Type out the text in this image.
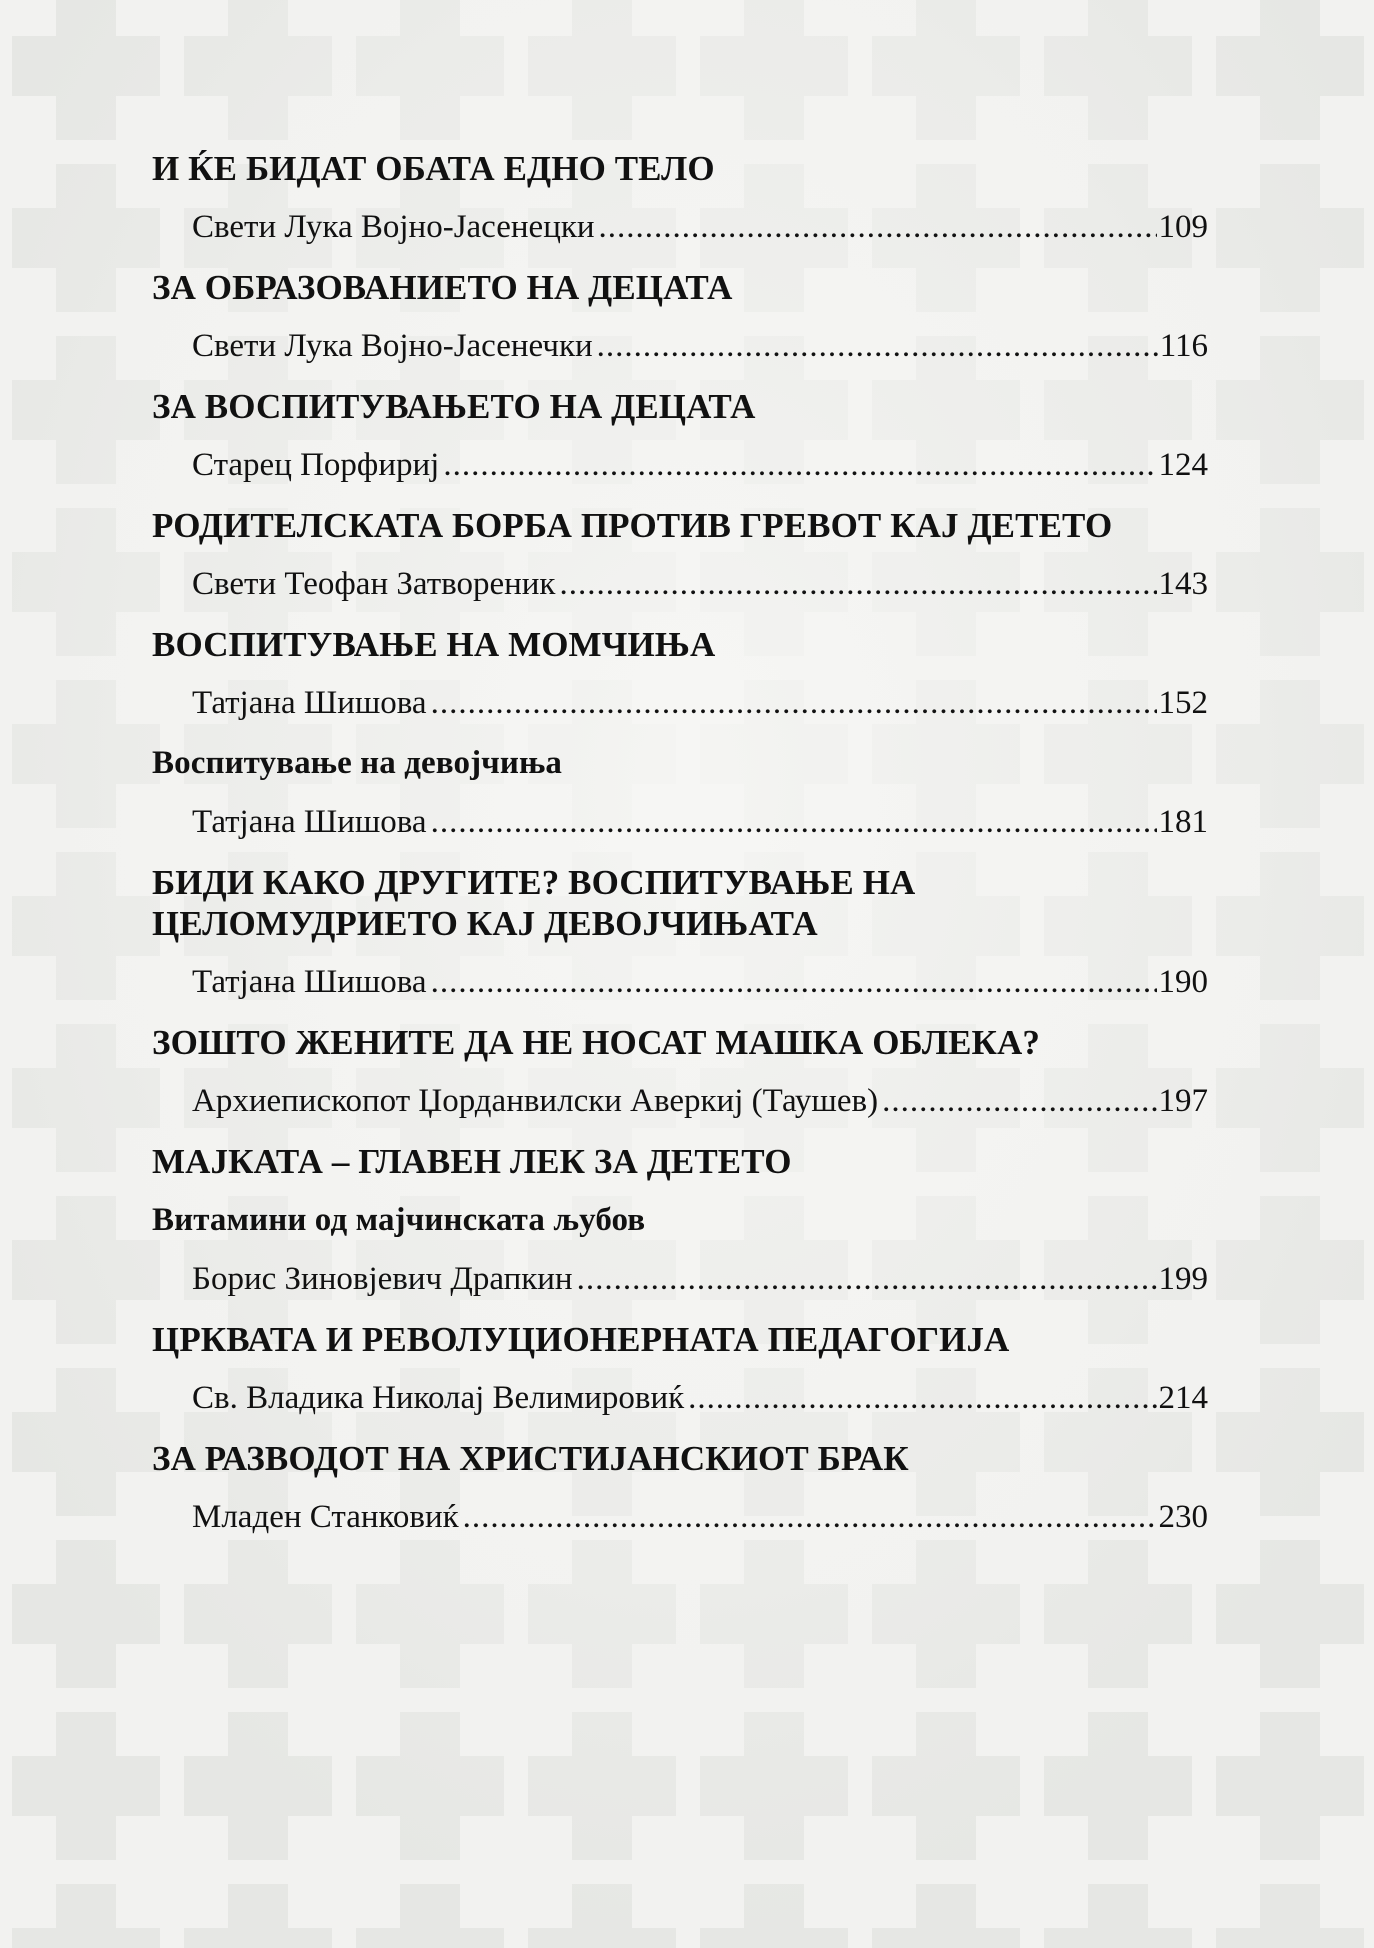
И ЌЕ БИДАТ ОБАТА ЕДНО ТЕЛО
Свети Лука Војно-Јасенецки .....	109
ЗА ОБРАЗОВАНИЕТО НА ДЕЦАТА
Свети Лука Војно-Јасенечки .....	116
ЗА ВОСПИТУВАЊЕТО НА ДЕЦАТА
Старец Порфириј .....	124
РОДИТЕЛСКАТА БОРБА ПРОТИВ ГРЕВОТ КАЈ ДЕТЕТО
Свети Теофан Затвореник .....	143
ВОСПИТУВАЊЕ НА МОМЧИЊА
Татјана Шишова .....	152
Воспитување на девојчиња
Татјана Шишова .....	181
БИДИ КАКО ДРУГИТЕ? ВОСПИТУВАЊЕ НА
ЦЕЛОМУДРИЕТО КАЈ ДЕВОЈЧИЊАТА
Татјана Шишова .....	190
ЗОШТО ЖЕНИТЕ ДА НЕ НОСАТ МАШКА ОБЛЕКА?
Архиепископот Џорданвилски Аверкиј (Таушев) .....	197
МАЈКАТА – ГЛАВЕН ЛЕК ЗА ДЕТЕТО
Витамини од мајчинската љубов
Борис Зиновјевич Драпкин .....	199
ЦРКВАТА И РЕВОЛУЦИОНЕРНАТА ПЕДАГОГИЈА
Св. Владика Николај Велимировиќ .....	214
ЗА РАЗВОДОТ НА ХРИСТИЈАНСКИОТ БРАК
Младен Станковиќ .....	230
